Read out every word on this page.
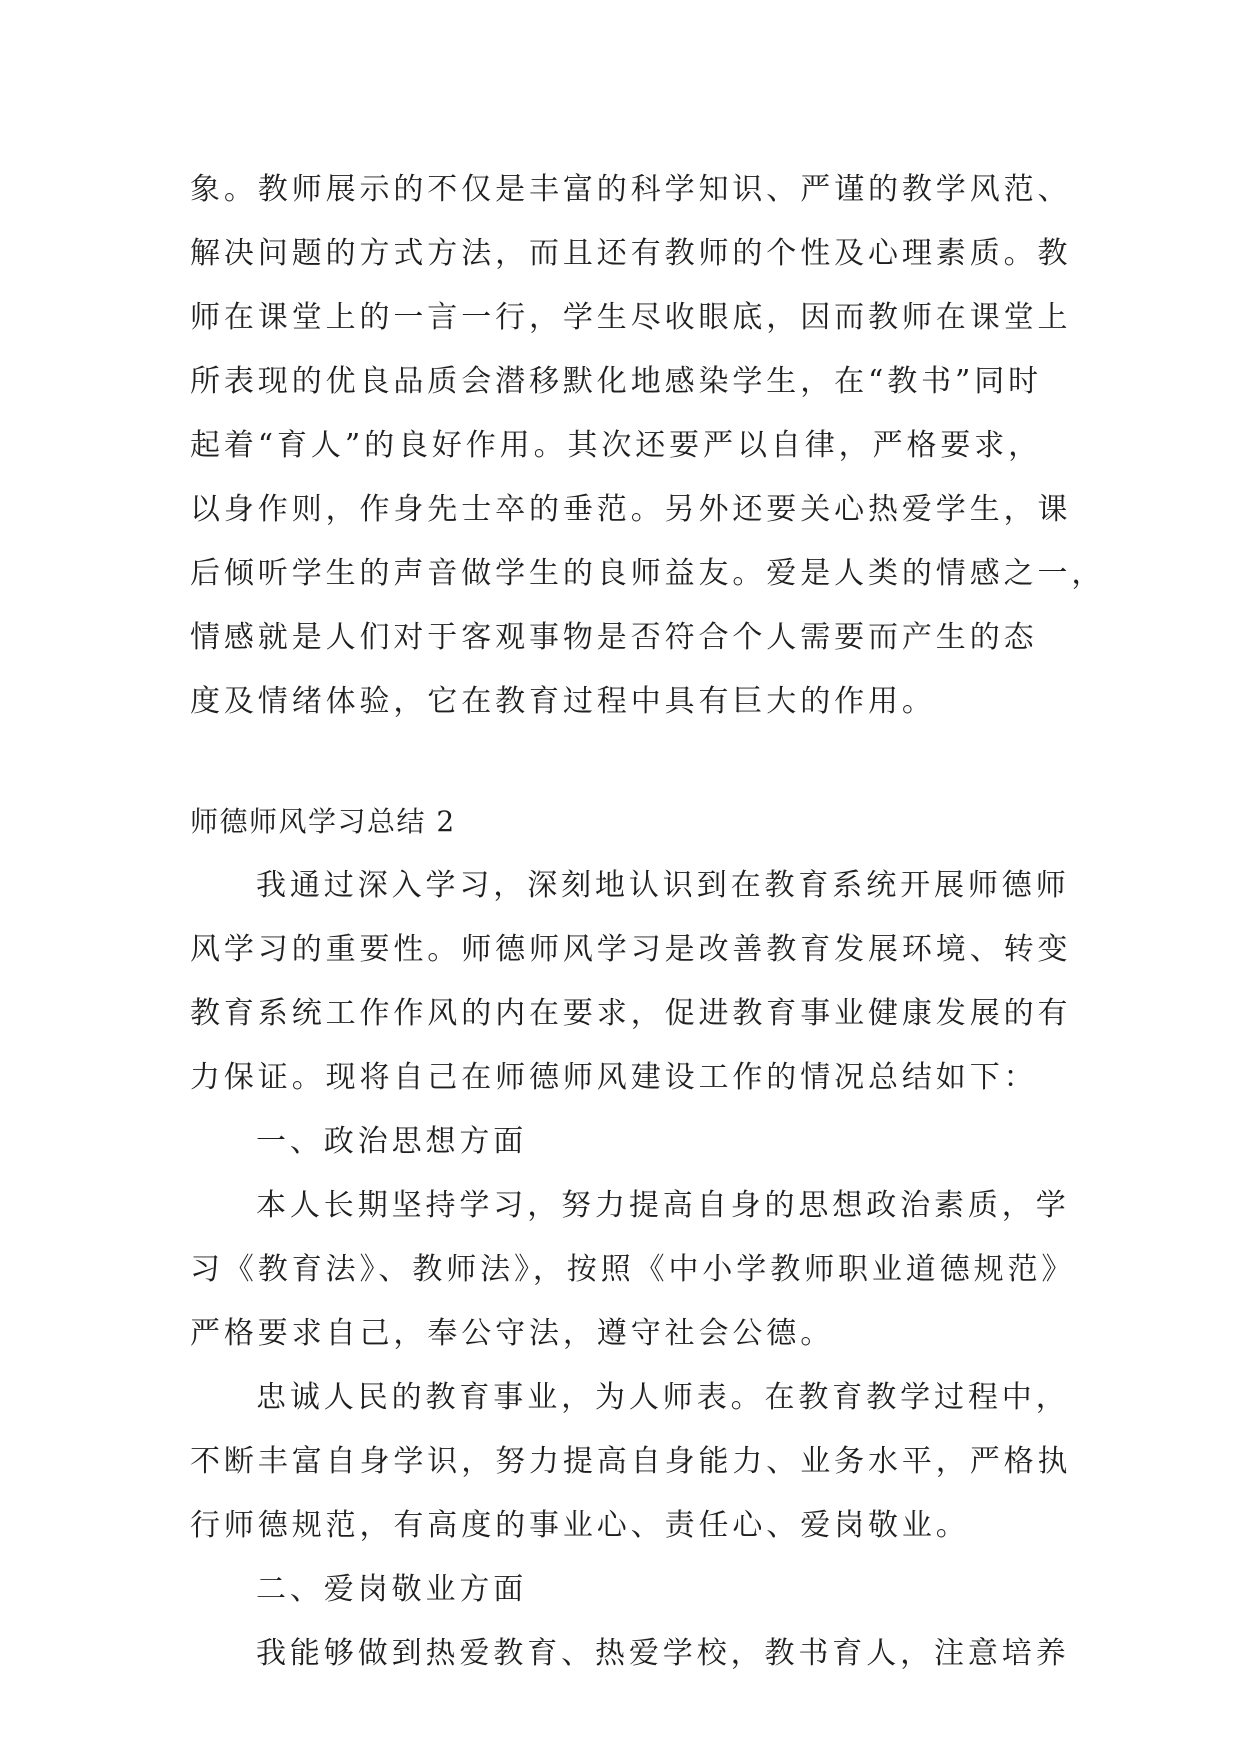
象。教师展示的不仅是丰富的科学知识、严谨的教学风范、
解决问题的方式方法，而且还有教师的个性及心理素质。教
师在课堂上的一言一行，学生尽收眼底，因而教师在课堂上
所表现的优良品质会潜移默化地感染学生，在“教书”同时
起着“育人”的良好作用。其次还要严以自律，严格要求，
以身作则，作身先士卒的垂范。另外还要关心热爱学生，课
后倾听学生的声音做学生的良师益友。爱是人类的情感之一，
情感就是人们对于客观事物是否符合个人需要而产生的态
度及情绪体验，它在教育过程中具有巨大的作用。
师德师风学习总结 2
我通过深入学习，深刻地认识到在教育系统开展师德师
风学习的重要性。师德师风学习是改善教育发展环境、转变
教育系统工作作风的内在要求，促进教育事业健康发展的有
力保证。现将自己在师德师风建设工作的情况总结如下：
一、政治思想方面
本人长期坚持学习，努力提高自身的思想政治素质，学
习《教育法》、教师法》，按照《中小学教师职业道德规范》
严格要求自己，奉公守法，遵守社会公德。
忠诚人民的教育事业，为人师表。在教育教学过程中，
不断丰富自身学识，努力提高自身能力、业务水平，严格执
行师德规范，有高度的事业心、责任心、爱岗敬业。
二、爱岗敬业方面
我能够做到热爱教育、热爱学校，教书育人，注意培养
